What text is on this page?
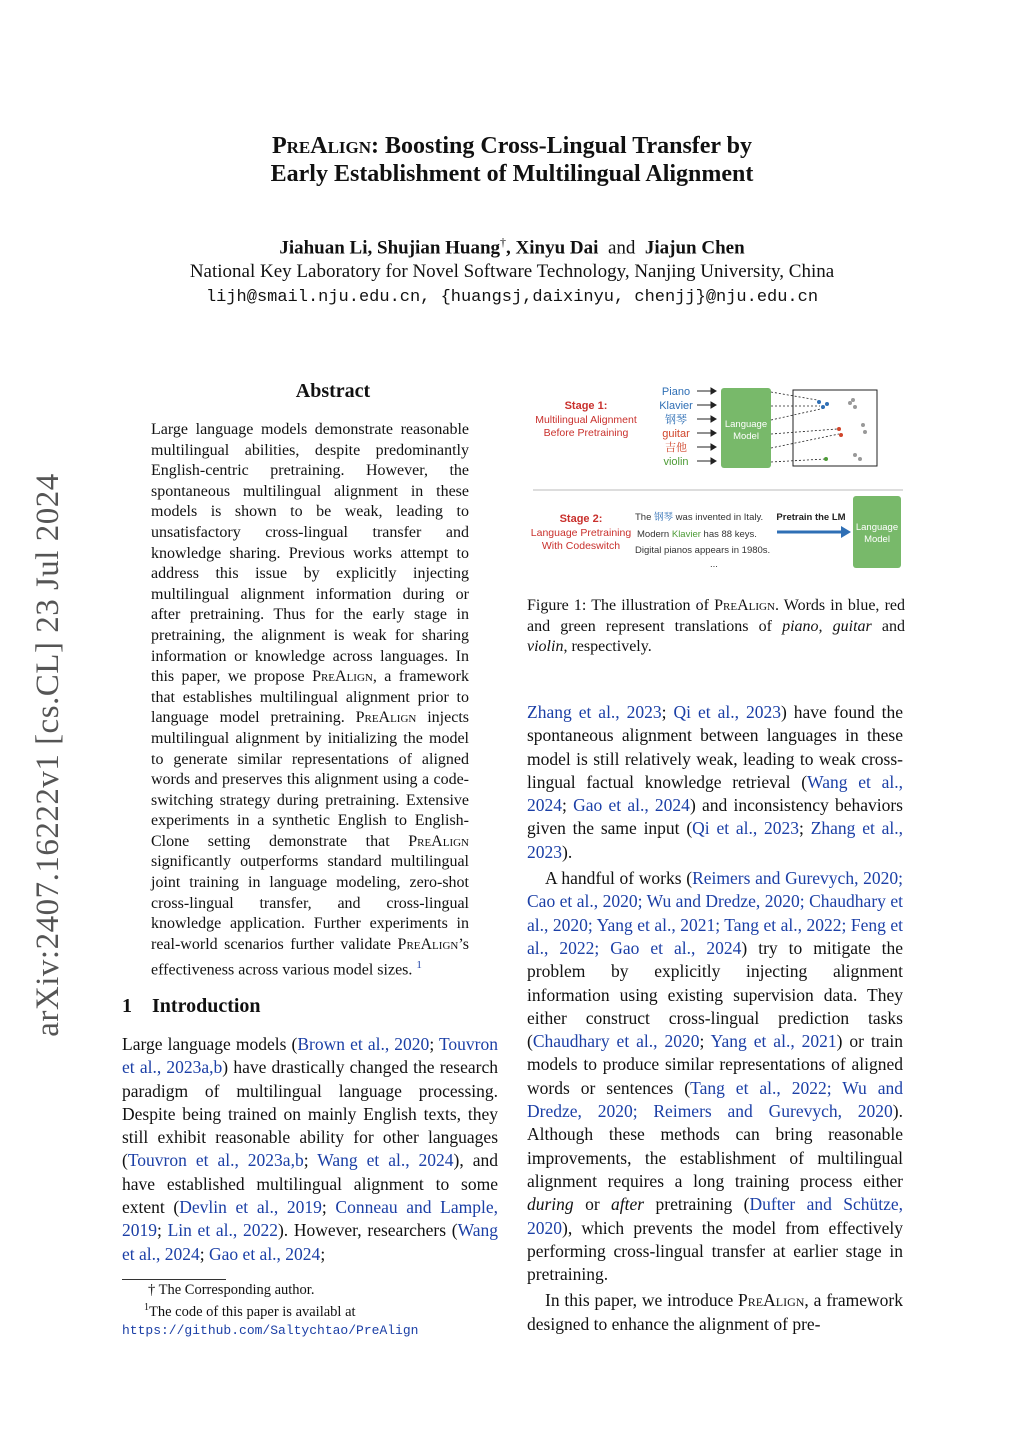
arXiv:2407.16222v1 [cs.CL] 23 Jul 2024
PreAlign: Boosting Cross-Lingual Transfer by
Early Establishment of Multilingual Alignment
Jiahuan Li, Shujian Huang†, Xinyu Dai and Jiajun Chen
National Key Laboratory for Novel Software Technology, Nanjing University, China
lijh@smail.nju.edu.cn, {huangsj,daixinyu, chenjj}@nju.edu.cn
Abstract
Large language models demonstrate reasonable multilingual abilities, despite predominantly English-centric pretraining. However, the spontaneous multilingual alignment in these models is shown to be weak, leading to unsatisfactory cross-lingual transfer and knowledge sharing. Previous works attempt to address this issue by explicitly injecting multilingual alignment information during or after pretraining. Thus for the early stage in pretraining, the alignment is weak for sharing information or knowledge across languages. In this paper, we propose PreAlign, a framework that establishes multilingual alignment prior to language model pretraining. PreAlign injects multilingual alignment by initializing the model to generate similar representations of aligned words and preserves this alignment using a code-switching strategy during pretraining. Extensive experiments in a synthetic English to English-Clone setting demonstrate that PreAlign significantly outperforms standard multilingual joint training in language modeling, zero-shot cross-lingual transfer, and cross-lingual knowledge application. Further experiments in real-world scenarios further validate PreAlign’s effectiveness across various model sizes. $^1$
1 Introduction
Large language models (Brown et al., 2020; Touvron et al., 2023a,b) have drastically changed the research paradigm of multilingual language processing. Despite being trained on mainly English texts, they still exhibit reasonable ability for other languages (Touvron et al., 2023a,b; Wang et al., 2024), and have established multilingual alignment to some extent (Devlin et al., 2019; Conneau and Lample, 2019; Lin et al., 2022). However, researchers (Wang et al., 2024; Gao et al., 2024;
† The Corresponding author.
$^1$The code of this paper is availabl at https://github.com/Saltychtao/PreAlign
Stage 1:
Multilingual Alignment
Before Pretraining
Piano
Klavier
钢琴
guitar
吉他
violin
Language
Model
Stage 2:
Language Pretraining
With Codeswitch
The 钢琴 was invented in Italy.
Modern Klavier has 88 keys.
Digital pianos appears in 1980s.
...
Pretrain the LM
Language
Model
Figure 1: The illustration of PreAlign. Words in blue, red and green represent translations of piano, guitar and violin, respectively.

Zhang et al., 2023; Qi et al., 2023) have found the spontaneous alignment between languages in these model is still relatively weak, leading to weak cross-lingual factual knowledge retrieval (Wang et al., 2024; Gao et al., 2024) and inconsistency behaviors given the same input (Qi et al., 2023; Zhang et al., 2023).

A handful of works (Reimers and Gurevych, 2020; Cao et al., 2020; Wu and Dredze, 2020; Chaudhary et al., 2020; Yang et al., 2021; Tang et al., 2022; Feng et al., 2022; Gao et al., 2024) try to mitigate the problem by explicitly injecting alignment information using existing supervision data. They either construct cross-lingual prediction tasks (Chaudhary et al., 2020; Yang et al., 2021) or train models to produce similar representations of aligned words or sentences (Tang et al., 2022; Wu and Dredze, 2020; Reimers and Gurevych, 2020). Although these methods can bring reasonable improvements, the establishment of multilingual alignment requires a long training process either during or after pretraining (Dufter and Schütze, 2020), which prevents the model from effectively performing cross-lingual transfer at earlier stage in pretraining.

In this paper, we introduce PreAlign, a framework designed to enhance the alignment of pre-
